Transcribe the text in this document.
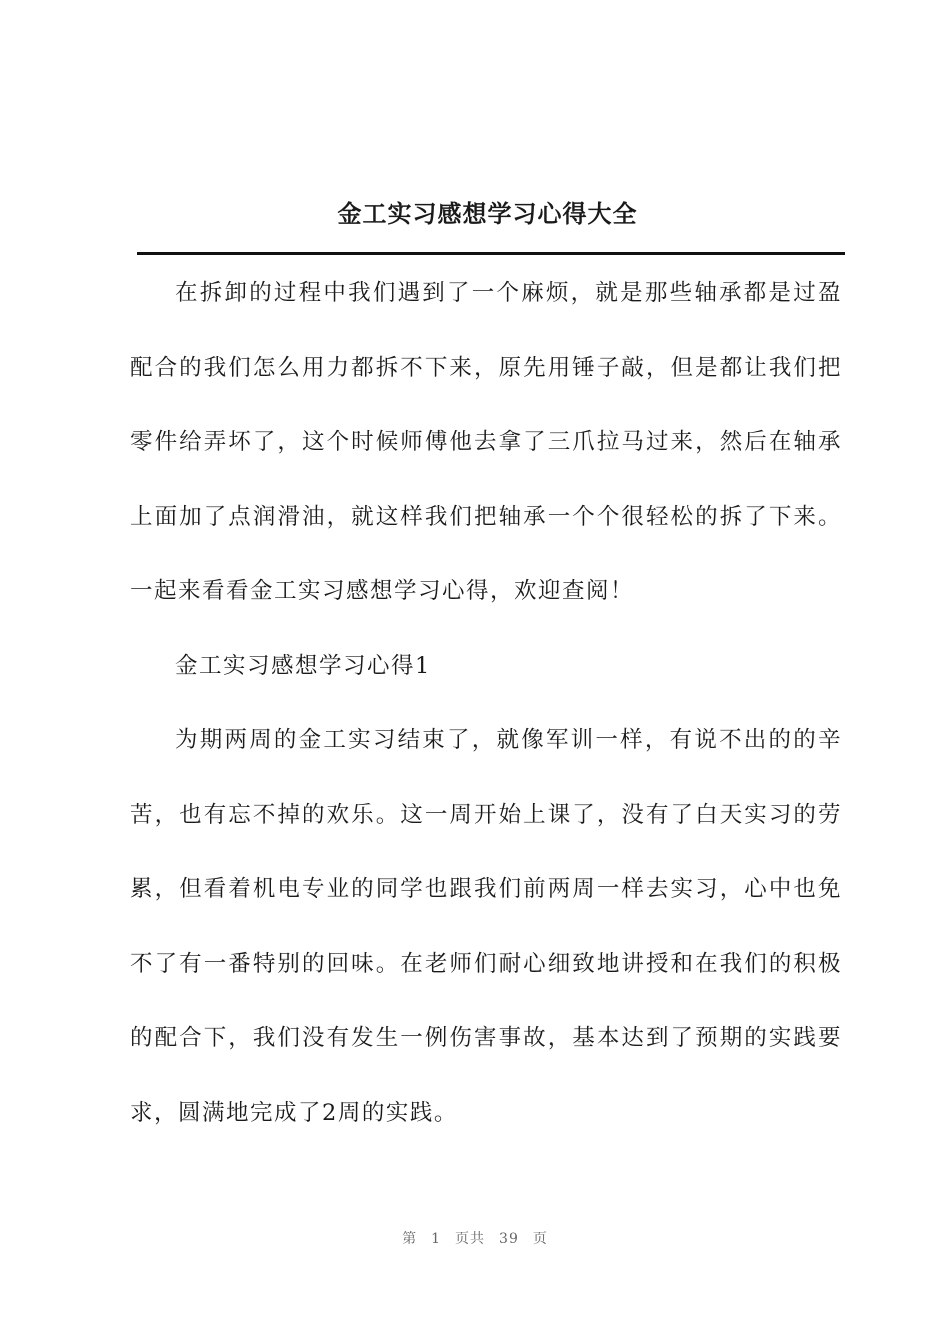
金工实习感想学习心得大全

在拆卸的过程中我们遇到了一个麻烦，就是那些轴承都是过盈配合的我们怎么用力都拆不下来，原先用锤子敲，但是都让我们把零件给弄坏了，这个时候师傅他去拿了三爪拉马过来，然后在轴承上面加了点润滑油，就这样我们把轴承一个个很轻松的拆了下来。一起来看看金工实习感想学习心得，欢迎查阅！

金工实习感想学习心得1

为期两周的金工实习结束了，就像军训一样，有说不出的的辛苦，也有忘不掉的欢乐。这一周开始上课了，没有了白天实习的劳累，但看着机电专业的同学也跟我们前两周一样去实习，心中也免不了有一番特别的回味。在老师们耐心细致地讲授和在我们的积极的配合下，我们没有发生一例伤害事故，基本达到了预期的实践要求，圆满地完成了2周的实践。

第 1 页共 39 页
